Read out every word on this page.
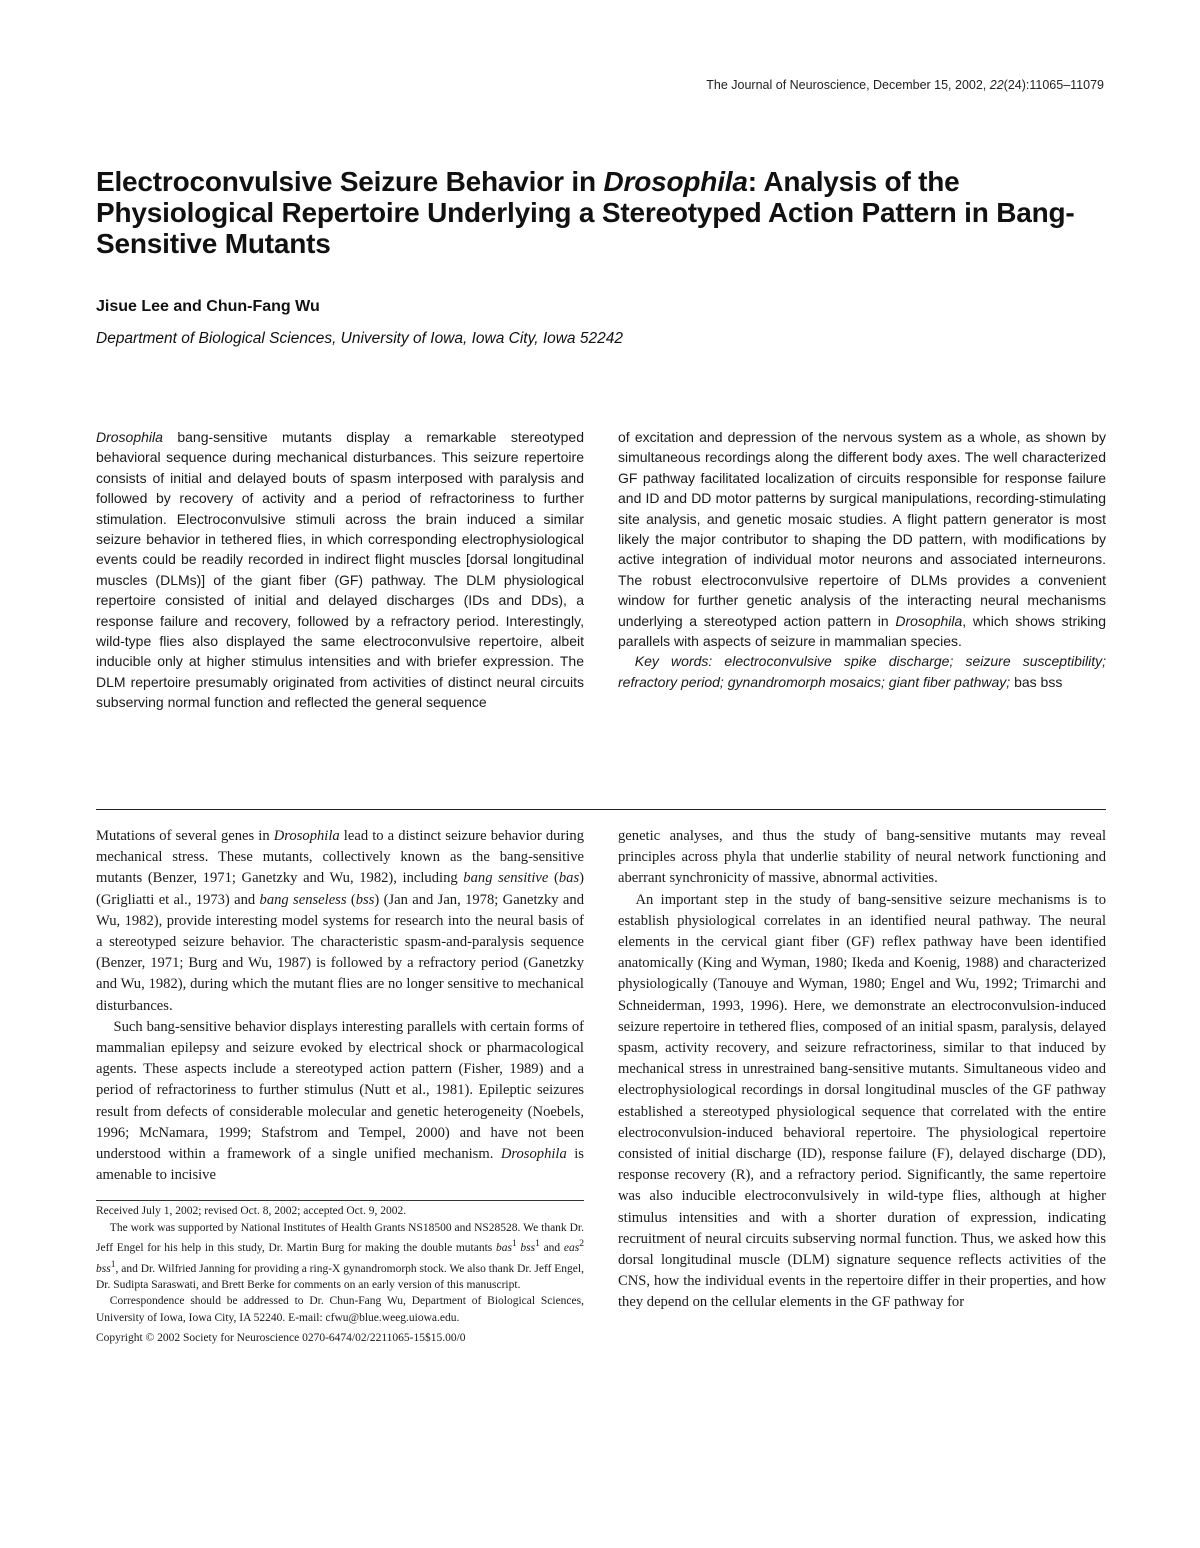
The Journal of Neuroscience, December 15, 2002, 22(24):11065–11079
Electroconvulsive Seizure Behavior in Drosophila: Analysis of the Physiological Repertoire Underlying a Stereotyped Action Pattern in Bang-Sensitive Mutants
Jisue Lee and Chun-Fang Wu
Department of Biological Sciences, University of Iowa, Iowa City, Iowa 52242

Drosophila bang-sensitive mutants display a remarkable stereotyped behavioral sequence during mechanical disturbances. This seizure repertoire consists of initial and delayed bouts of spasm interposed with paralysis and followed by recovery of activity and a period of refractoriness to further stimulation. Electroconvulsive stimuli across the brain induced a similar seizure behavior in tethered flies, in which corresponding electrophysiological events could be readily recorded in indirect flight muscles [dorsal longitudinal muscles (DLMs)] of the giant fiber (GF) pathway. The DLM physiological repertoire consisted of initial and delayed discharges (IDs and DDs), a response failure and recovery, followed by a refractory period. Interestingly, wild-type flies also displayed the same electroconvulsive repertoire, albeit inducible only at higher stimulus intensities and with briefer expression. The DLM repertoire presumably originated from activities of distinct neural circuits subserving normal function and reflected the general sequence

of excitation and depression of the nervous system as a whole, as shown by simultaneous recordings along the different body axes. The well characterized GF pathway facilitated localization of circuits responsible for response failure and ID and DD motor patterns by surgical manipulations, recording-stimulating site analysis, and genetic mosaic studies. A flight pattern generator is most likely the major contributor to shaping the DD pattern, with modifications by active integration of individual motor neurons and associated interneurons. The robust electroconvulsive repertoire of DLMs provides a convenient window for further genetic analysis of the interacting neural mechanisms underlying a stereotyped action pattern in Drosophila, which shows striking parallels with aspects of seizure in mammalian species.

Key words: electroconvulsive spike discharge; seizure susceptibility; refractory period; gynandromorph mosaics; giant fiber pathway; bas bss

Mutations of several genes in Drosophila lead to a distinct seizure behavior during mechanical stress. These mutants, collectively known as the bang-sensitive mutants (Benzer, 1971; Ganetzky and Wu, 1982), including bang sensitive (bas) (Grigliatti et al., 1973) and bang senseless (bss) (Jan and Jan, 1978; Ganetzky and Wu, 1982), provide interesting model systems for research into the neural basis of a stereotyped seizure behavior. The characteristic spasm-and-paralysis sequence (Benzer, 1971; Burg and Wu, 1987) is followed by a refractory period (Ganetzky and Wu, 1982), during which the mutant flies are no longer sensitive to mechanical disturbances.

Such bang-sensitive behavior displays interesting parallels with certain forms of mammalian epilepsy and seizure evoked by electrical shock or pharmacological agents. These aspects include a stereotyped action pattern (Fisher, 1989) and a period of refractoriness to further stimulus (Nutt et al., 1981). Epileptic seizures result from defects of considerable molecular and genetic heterogeneity (Noebels, 1996; McNamara, 1999; Stafstrom and Tempel, 2000) and have not been understood within a framework of a single unified mechanism. Drosophila is amenable to incisive

Received July 1, 2002; revised Oct. 8, 2002; accepted Oct. 9, 2002.

The work was supported by National Institutes of Health Grants NS18500 and NS28528. We thank Dr. Jeff Engel for his help in this study, Dr. Martin Burg for making the double mutants bas$^1$ bss$^1$ and eas$^2$ bss$^1$, and Dr. Wilfried Janning for providing a ring-X gynandromorph stock. We also thank Dr. Jeff Engel, Dr. Sudipta Saraswati, and Brett Berke for comments on an early version of this manuscript.

Correspondence should be addressed to Dr. Chun-Fang Wu, Department of Biological Sciences, University of Iowa, Iowa City, IA 52240. E-mail: cfwu@blue.weeg.uiowa.edu.

Copyright © 2002 Society for Neuroscience 0270-6474/02/2211065-15$15.00/0

genetic analyses, and thus the study of bang-sensitive mutants may reveal principles across phyla that underlie stability of neural network functioning and aberrant synchronicity of massive, abnormal activities.

An important step in the study of bang-sensitive seizure mechanisms is to establish physiological correlates in an identified neural pathway. The neural elements in the cervical giant fiber (GF) reflex pathway have been identified anatomically (King and Wyman, 1980; Ikeda and Koenig, 1988) and characterized physiologically (Tanouye and Wyman, 1980; Engel and Wu, 1992; Trimarchi and Schneiderman, 1993, 1996). Here, we demonstrate an electroconvulsion-induced seizure repertoire in tethered flies, composed of an initial spasm, paralysis, delayed spasm, activity recovery, and seizure refractoriness, similar to that induced by mechanical stress in unrestrained bang-sensitive mutants. Simultaneous video and electrophysiological recordings in dorsal longitudinal muscles of the GF pathway established a stereotyped physiological sequence that correlated with the entire electroconvulsion-induced behavioral repertoire. The physiological repertoire consisted of initial discharge (ID), response failure (F), delayed discharge (DD), response recovery (R), and a refractory period. Significantly, the same repertoire was also inducible electroconvulsively in wild-type flies, although at higher stimulus intensities and with a shorter duration of expression, indicating recruitment of neural circuits subserving normal function. Thus, we asked how this dorsal longitudinal muscle (DLM) signature sequence reflects activities of the CNS, how the individual events in the repertoire differ in their properties, and how they depend on the cellular elements in the GF pathway for
